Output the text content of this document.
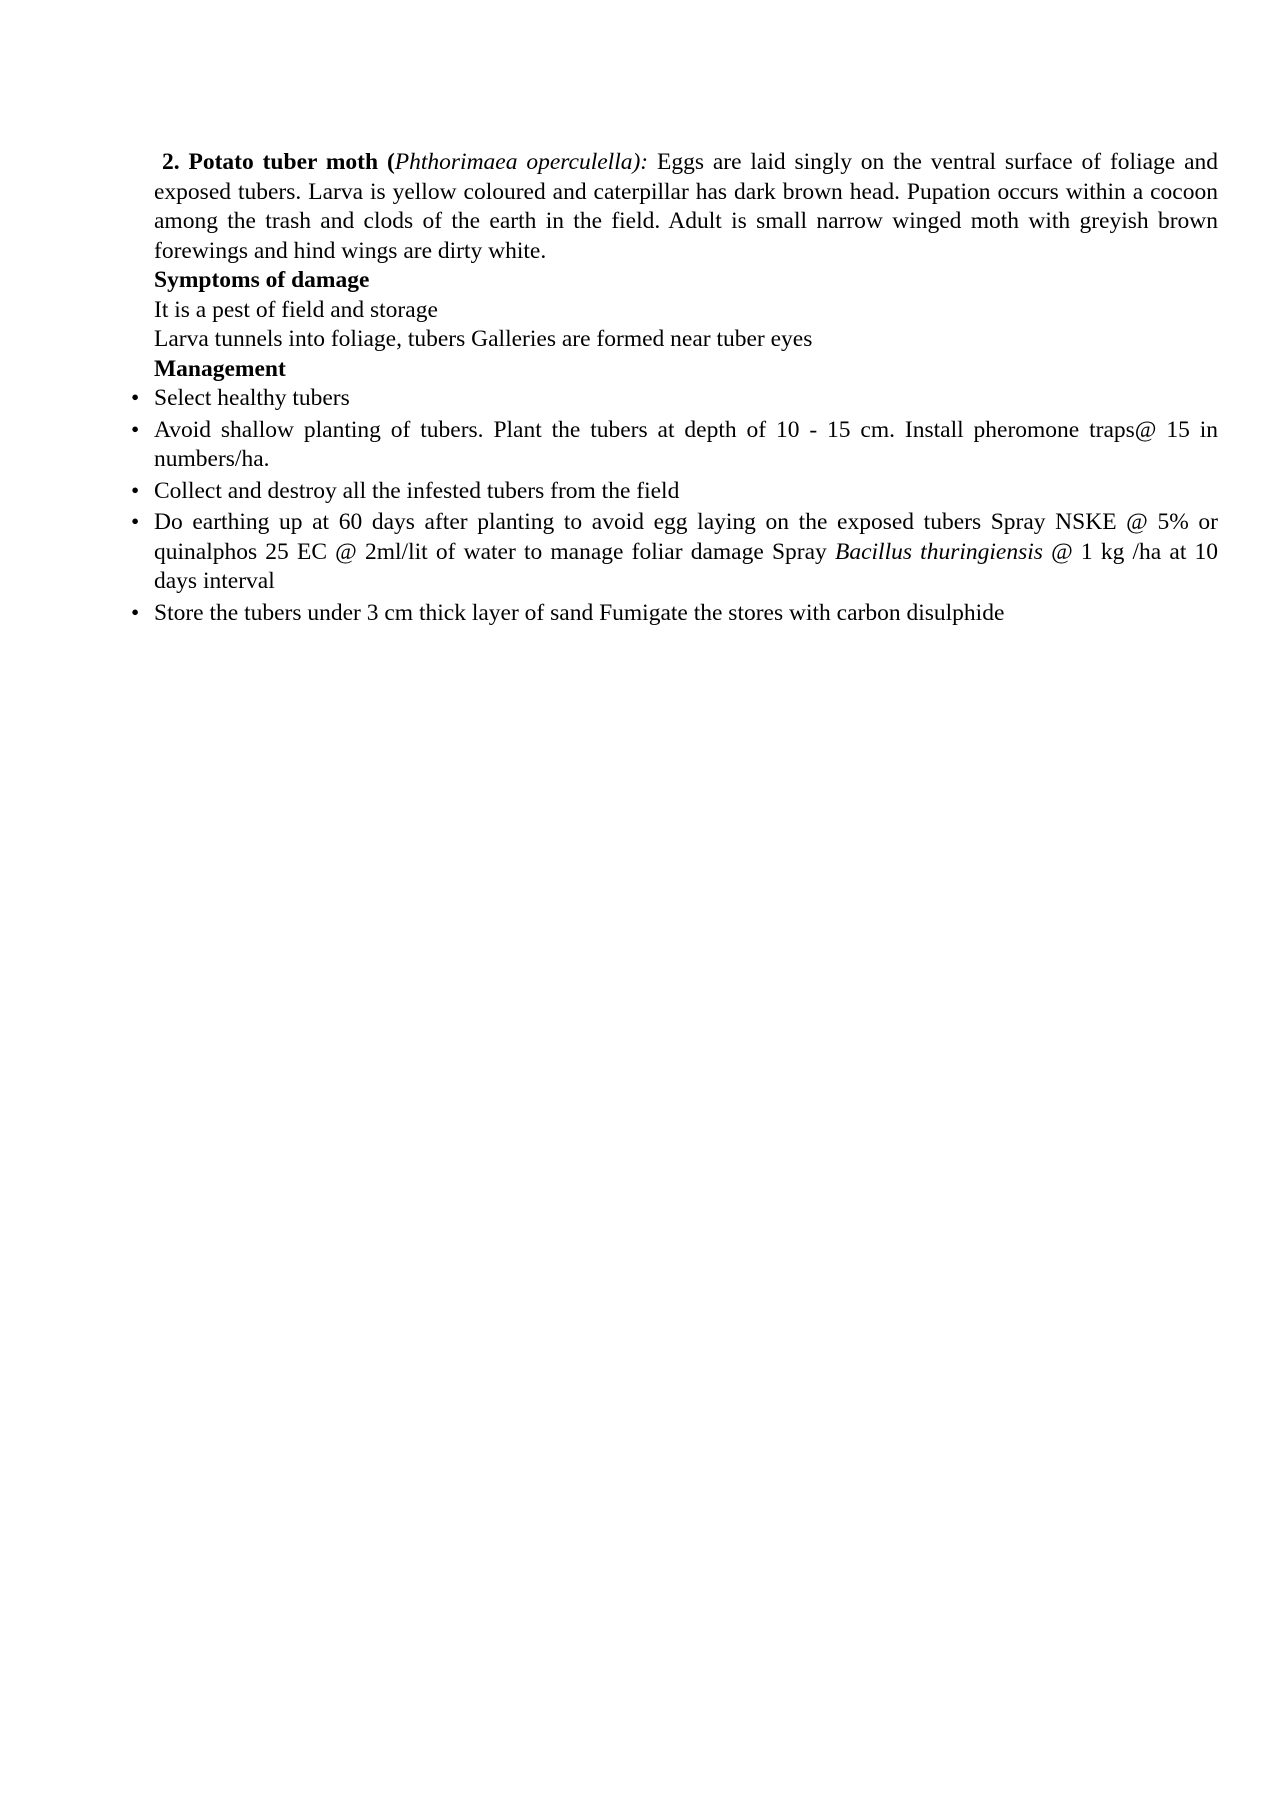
2. Potato tuber moth (Phthorimaea operculella): Eggs are laid singly on the ventral surface of foliage and exposed tubers. Larva is yellow coloured and caterpillar has dark brown head. Pupation occurs within a cocoon among the trash and clods of the earth in the field. Adult is small narrow winged moth with greyish brown forewings and hind wings are dirty white.

Symptoms of damage

It is a pest of field and storage

Larva tunnels into foliage, tubers Galleries are formed near tuber eyes

Management

• Select healthy tubers
• Avoid shallow planting of tubers. Plant the tubers at depth of 10 - 15 cm. Install pheromone traps@ 15 in numbers/ha.
• Collect and destroy all the infested tubers from the field
• Do earthing up at 60 days after planting to avoid egg laying on the exposed tubers Spray NSKE @ 5% or quinalphos 25 EC @ 2ml/lit of water to manage foliar damage Spray Bacillus thuringiensis @ 1 kg /ha at 10 days interval
• Store the tubers under 3 cm thick layer of sand Fumigate the stores with carbon disulphide
